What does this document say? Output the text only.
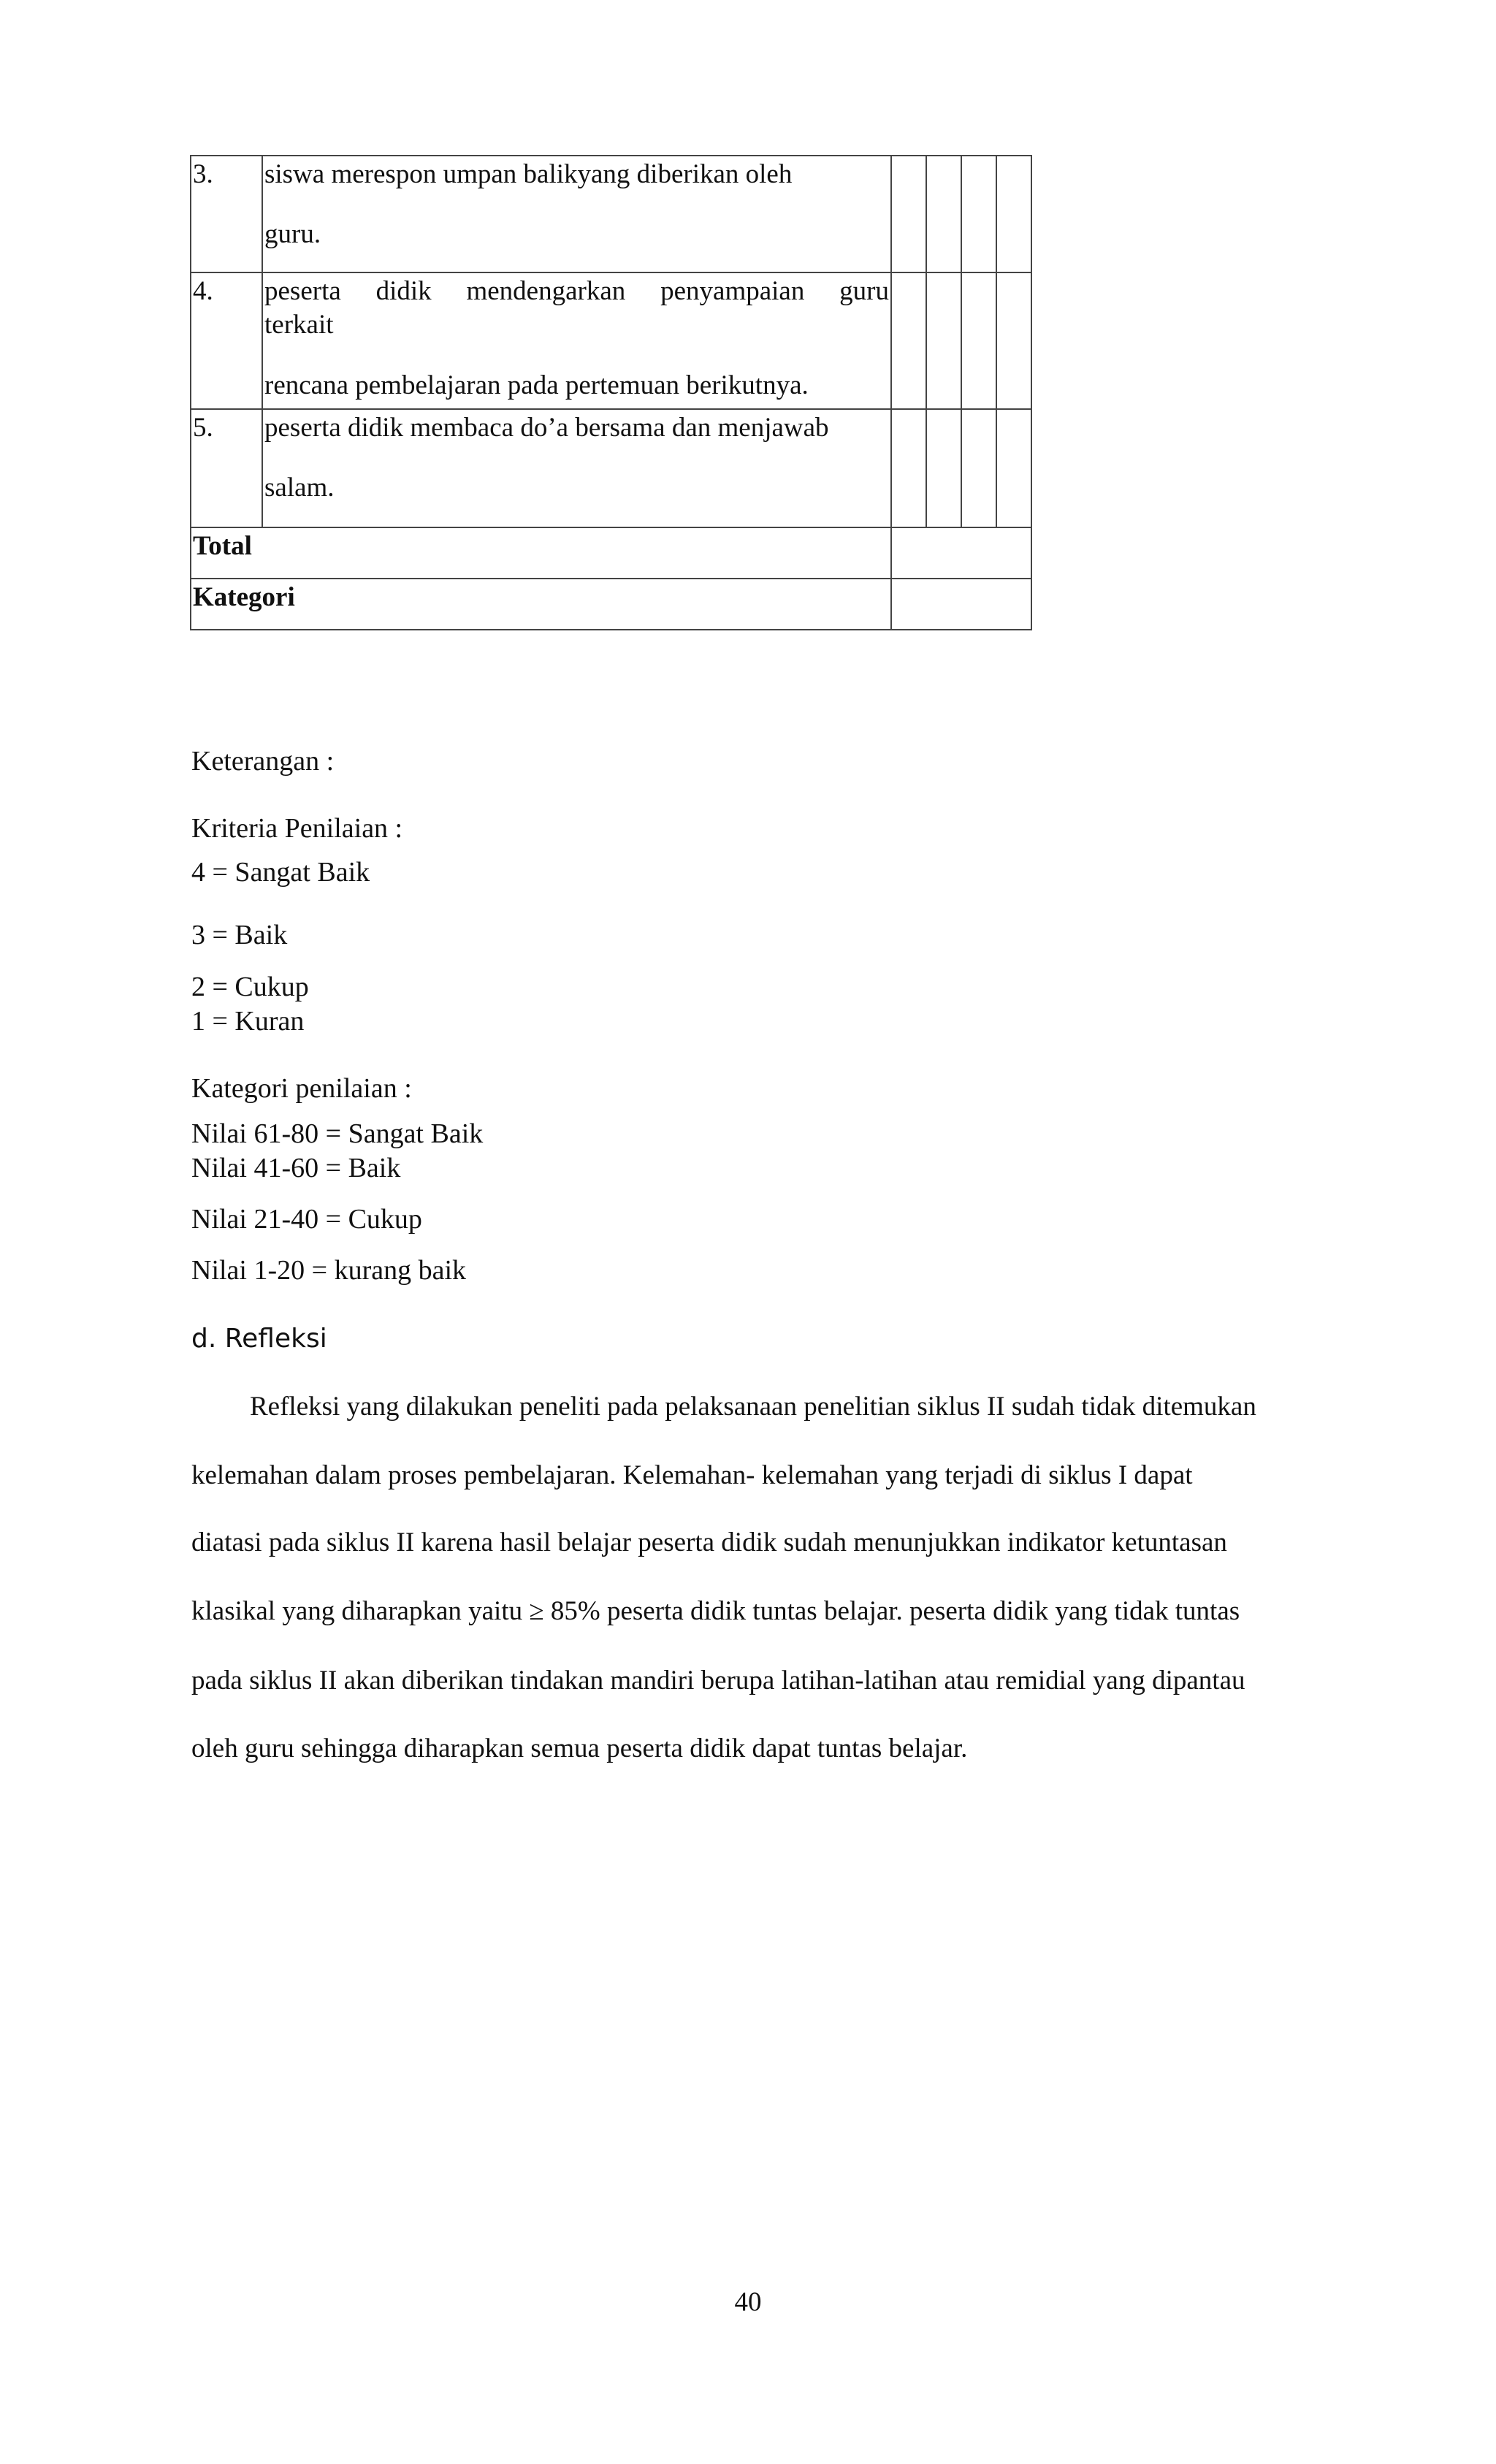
3.	siswa merespon umpan balikyang diberikan oleh
guru.				

4.	peserta didik mendengarkan penyampaian guru
terkait
rencana pembelajaran pada pertemuan berikutnya.				

5.	peserta didik membaca do’a bersama dan menjawab
salam.				

Total					
Kategori					
Keterangan :
Kriteria Penilaian :
4 = Sangat Baik
3 = Baik
2 = Cukup
1 = Kuran
Kategori penilaian :
Nilai 61-80 = Sangat Baik
Nilai 41-60 = Baik
Nilai 21-40 = Cukup
Nilai 1-20 = kurang baik
d. Refleksi
Refleksi yang dilakukan peneliti pada pelaksanaan penelitian siklus II sudah tidak ditemukan
kelemahan dalam proses pembelajaran. Kelemahan- kelemahan yang terjadi di siklus I dapat
diatasi pada siklus II karena hasil belajar peserta didik sudah menunjukkan indikator ketuntasan
klasikal yang diharapkan yaitu ≥ 85% peserta didik tuntas belajar. peserta didik yang tidak tuntas
pada siklus II akan diberikan tindakan mandiri berupa latihan-latihan atau remidial yang dipantau
oleh guru sehingga diharapkan semua peserta didik dapat tuntas belajar.
40
